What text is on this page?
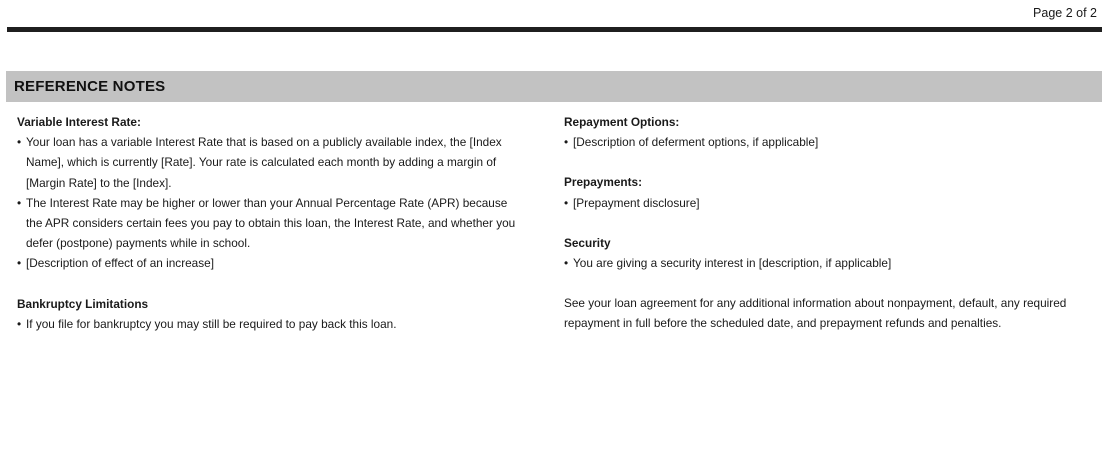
Page 2 of 2
REFERENCE NOTES

Variable Interest Rate:

• Your loan has a variable Interest Rate that is based on a publicly available index, the [Index Name], which is currently [Rate]. Your rate is calculated each month by adding a margin of [Margin Rate] to the [Index].

• The Interest Rate may be higher or lower than your Annual Percentage Rate (APR) because the APR considers certain fees you pay to obtain this loan, the Interest Rate, and whether you defer (postpone) payments while in school.

• [Description of effect of an increase]

Bankruptcy Limitations

• If you file for bankruptcy you may still be required to pay back this loan.

Repayment Options:

• [Description of deferment options, if applicable]

Prepayments:

• [Prepayment disclosure]

Security

• You are giving a security interest in [description, if applicable]

See your loan agreement for any additional information about nonpayment, default, any required repayment in full before the scheduled date, and prepayment refunds and penalties.
